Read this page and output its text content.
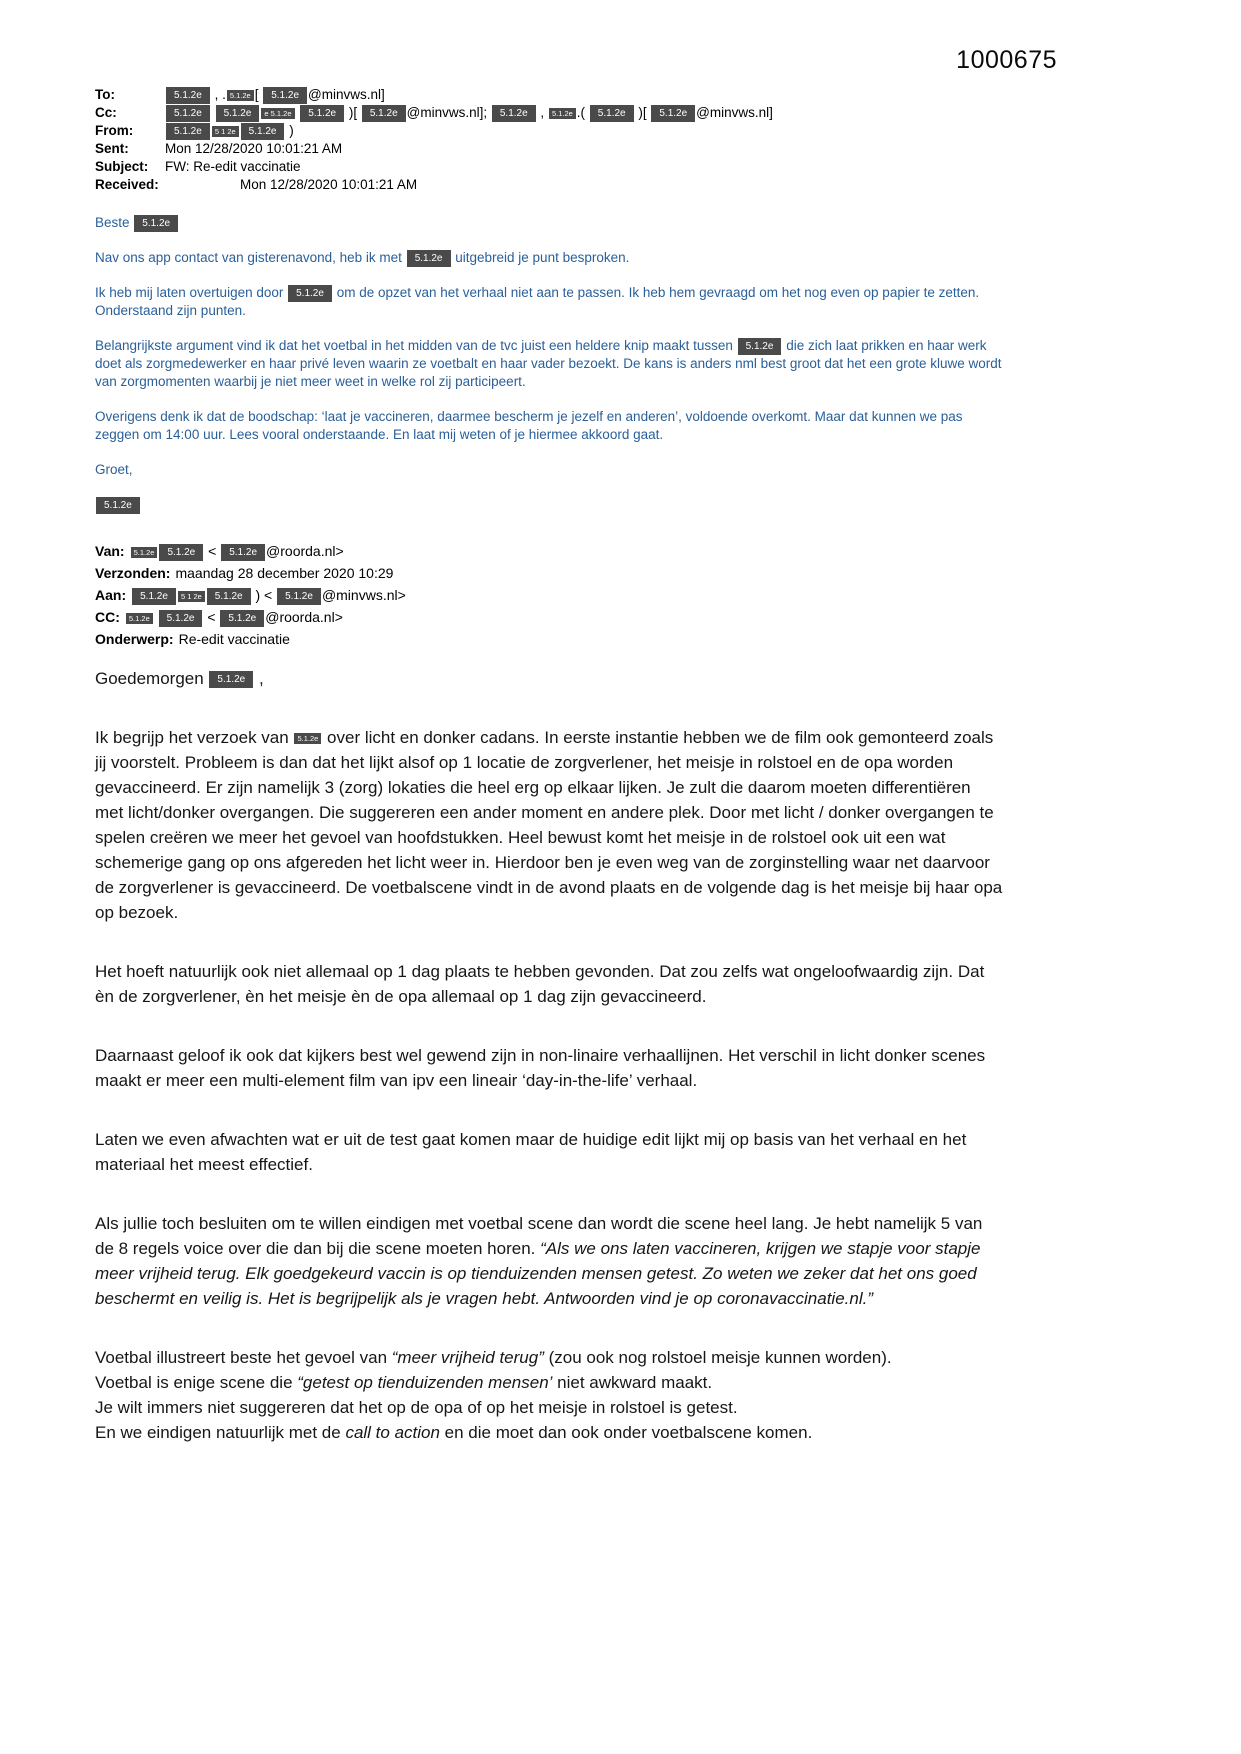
1000675
To:	5.1.2e , . 5.1.2e [ 5.1.2e @minvws.nl]
Cc:	5.1.2e 5.1.2e e 5.1.2e 5.1.2e )[ 5.1.2e @minvws.nl]; 5.1.2e , 5.1.2e .( 5.1.2e )[ 5.1.2e @minvws.nl]
From:	5.1.2e 5 1 2e 5.1.2e )
Sent:	Mon 12/28/2020 10:01:21 AM
Subject: FW: Re-edit vaccinatie
Received:	Mon 12/28/2020 10:01:21 AM

Beste 5.1.2e

Nav ons app contact van gisterenavond, heb ik met 5.1.2e uitgebreid je punt besproken.

Ik heb mij laten overtuigen door 5.1.2e om de opzet van het verhaal niet aan te passen. Ik heb hem gevraagd om het nog even op papier te zetten. Onderstaand zijn punten.

Belangrijkste argument vind ik dat het voetbal in het midden van de tvc juist een heldere knip maakt tussen 5.1.2e die zich laat prikken en haar werk doet als zorgmedewerker en haar privé leven waarin ze voetbalt en haar vader bezoekt. De kans is anders nml best groot dat het een grote kluwe wordt van zorgmomenten waarbij je niet meer weet in welke rol zij participeert.

Overigens denk ik dat de boodschap: ‘laat je vaccineren, daarmee bescherm je jezelf en anderen’, voldoende overkomt. Maar dat kunnen we pas zeggen om 14:00 uur. Lees vooral onderstaande. En laat mij weten of je hiermee akkoord gaat.

Groet,

5.1.2e

Van: 5.1.2e 5.1.2e < 5.1.2e @roorda.nl>
Verzonden: maandag 28 december 2020 10:29
Aan: 5.1.2e 5 1 2e 5.1.2e ) < 5.1.2e @minvws.nl>
CC: 5.1.2e 5.1.2e < 5.1.2e @roorda.nl>
Onderwerp: Re-edit vaccinatie

Goedemorgen 5.1.2e ,

Ik begrijp het verzoek van 5.1.2e over licht en donker cadans. In eerste instantie hebben we de film ook gemonteerd zoals jij voorstelt. Probleem is dan dat het lijkt alsof op 1 locatie de zorgverlener, het meisje in rolstoel en de opa worden gevaccineerd. Er zijn namelijk 3 (zorg) lokaties die heel erg op elkaar lijken. Je zult die daarom moeten differentiëren met licht/donker overgangen. Die suggereren een ander moment en andere plek. Door met licht / donker overgangen te spelen creëren we meer het gevoel van hoofdstukken. Heel bewust komt het meisje in de rolstoel ook uit een wat schemerige gang op ons afgereden het licht weer in. Hierdoor ben je even weg van de zorginstelling waar net daarvoor de zorgverlener is gevaccineerd. De voetbalscene vindt in de avond plaats en de volgende dag is het meisje bij haar opa op bezoek.

Het hoeft natuurlijk ook niet allemaal op 1 dag plaats te hebben gevonden. Dat zou zelfs wat ongeloofwaardig zijn. Dat èn de zorgverlener, èn het meisje èn de opa allemaal op 1 dag zijn gevaccineerd.

Daarnaast geloof ik ook dat kijkers best wel gewend zijn in non-linaire verhaallijnen. Het verschil in licht donker scenes maakt er meer een multi-element film van ipv een lineair ‘day-in-the-life’ verhaal.

Laten we even afwachten wat er uit de test gaat komen maar de huidige edit lijkt mij op basis van het verhaal en het materiaal het meest effectief.

Als jullie toch besluiten om te willen eindigen met voetbal scene dan wordt die scene heel lang. Je hebt namelijk 5 van de 8 regels voice over die dan bij die scene moeten horen. “Als we ons laten vaccineren, krijgen we stapje voor stapje meer vrijheid terug. Elk goedgekeurd vaccin is op tienduizenden mensen getest. Zo weten we zeker dat het ons goed beschermt en veilig is. Het is begrijpelijk als je vragen hebt. Antwoorden vind je op coronavaccinatie.nl.”

Voetbal illustreert beste het gevoel van “meer vrijheid terug” (zou ook nog rolstoel meisje kunnen worden).

Voetbal is enige scene die “getest op tienduizenden mensen’ niet awkward maakt.

Je wilt immers niet suggereren dat het op de opa of op het meisje in rolstoel is getest.

En we eindigen natuurlijk met de call to action en die moet dan ook onder voetbalscene komen.
